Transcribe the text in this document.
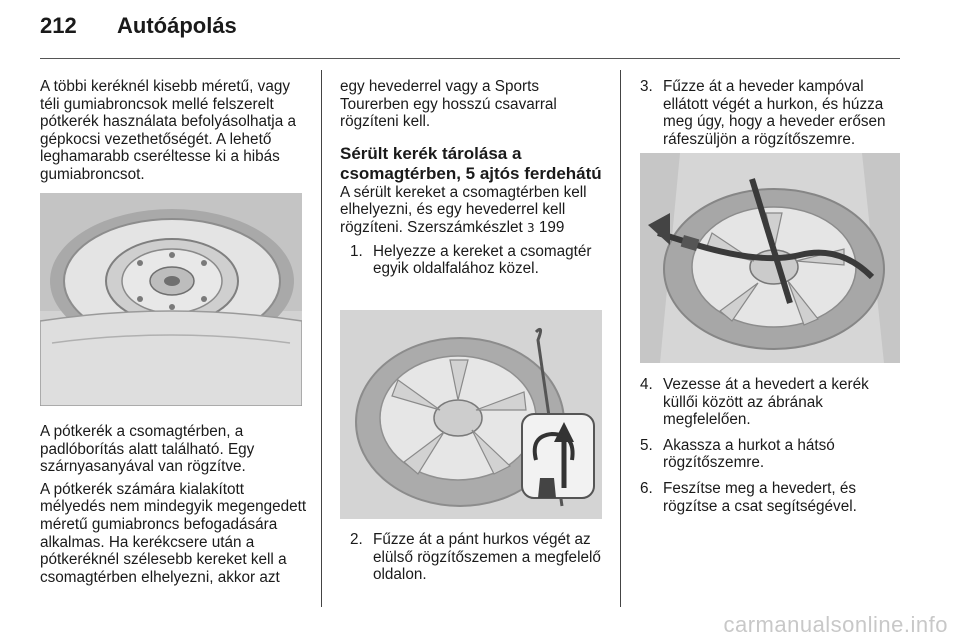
212 Autóápolás

A többi keréknél kisebb méretű, vagy téli gumiabroncsok mellé felszerelt pótkerék használata befolyásolhatja a gépkocsi vezethetőségét. A lehető leghamarabb cseréltesse ki a hibás gumiabroncsot.

A pótkerék a csomagtérben, a padlóborítás alatt található. Egy szárnyasanyával van rögzítve.

A pótkerék számára kialakított mélyedés nem mindegyik megengedett méretű gumiabroncs befogadására alkalmas. Ha kerékcsere után a pótkeréknél szélesebb kereket kell a csomagtérben elhelyezni, akkor azt

egy hevederrel vagy a Sports Tourerben egy hosszú csavarral rögzíteni kell.

Sérült kerék tárolása a csomagtérben, 5 ajtós ferdehátú

A sérült kereket a csomagtérben kell elhelyezni, és egy hevederrel kell rögzíteni. Szerszámkészlet 3 199

1. Helyezze a kereket a csomagtér egyik oldalfalához közel.
2. Fűzze át a pánt hurkos végét az elülső rögzítőszemen a megfelelő oldalon.
3. Fűzze át a heveder kampóval ellátott végét a hurkon, és húzza meg úgy, hogy a heveder erősen ráfeszüljön a rögzítőszemre.
4. Vezesse át a hevedert a kerék küllői között az ábrának megfelelően.
5. Akassza a hurkot a hátsó rögzítőszemre.
6. Feszítse meg a hevedert, és rögzítse a csat segítségével.
carmanualsonline.info
